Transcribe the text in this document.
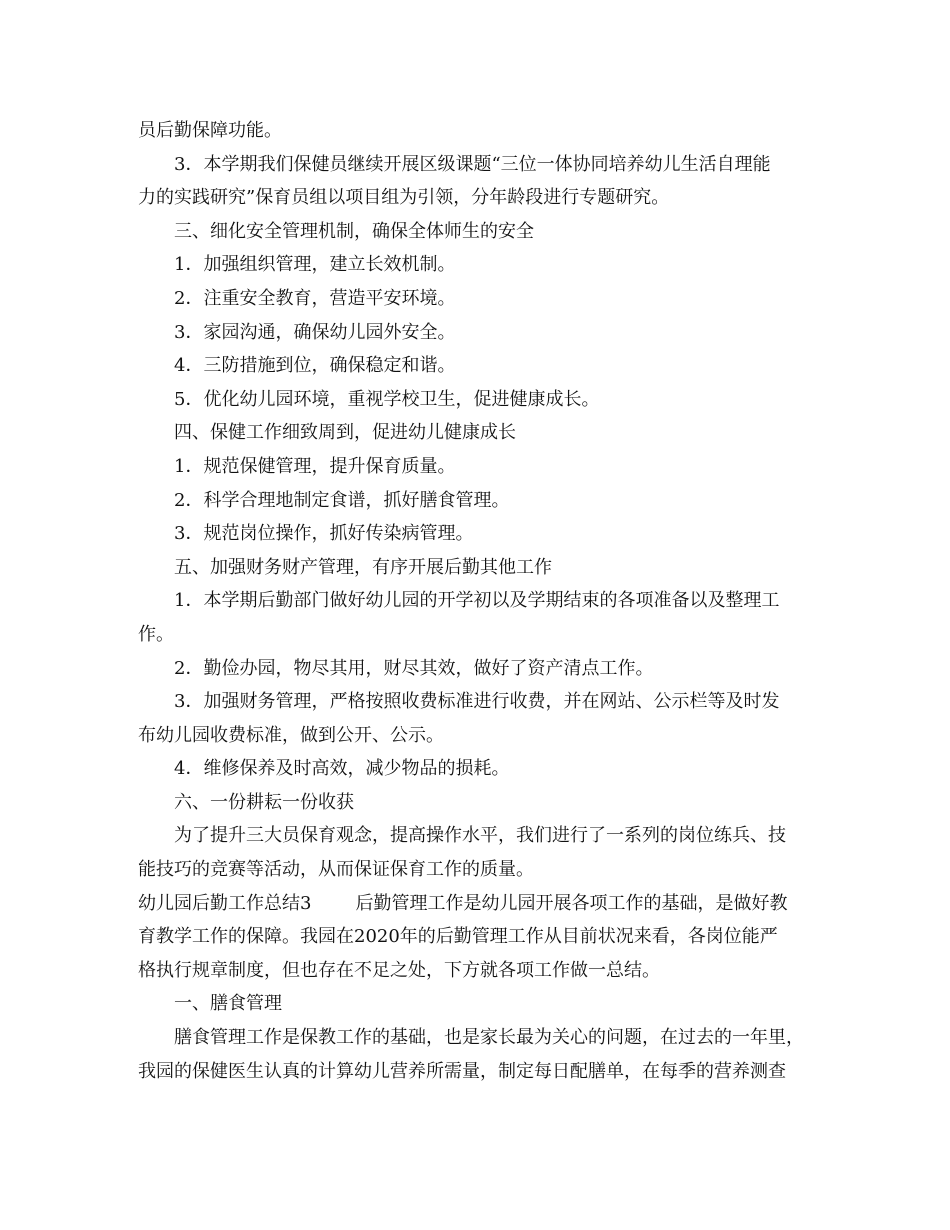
员后勤保障功能。
3．本学期我们保健员继续开展区级课题“三位一体协同培养幼儿生活自理能
力的实践研究”保育员组以项目组为引领，分年龄段进行专题研究。
三、细化安全管理机制，确保全体师生的安全
1．加强组织管理，建立长效机制。
2．注重安全教育，营造平安环境。
3．家园沟通，确保幼儿园外安全。
4．三防措施到位，确保稳定和谐。
5．优化幼儿园环境，重视学校卫生，促进健康成长。
四、保健工作细致周到，促进幼儿健康成长
1．规范保健管理，提升保育质量。
2．科学合理地制定食谱，抓好膳食管理。
3．规范岗位操作，抓好传染病管理。
五、加强财务财产管理，有序开展后勤其他工作
1．本学期后勤部门做好幼儿园的开学初以及学期结束的各项准备以及整理工
作。
2．勤俭办园，物尽其用，财尽其效，做好了资产清点工作。
3．加强财务管理，严格按照收费标准进行收费，并在网站、公示栏等及时发
布幼儿园收费标准，做到公开、公示。
4．维修保养及时高效，减少物品的损耗。
六、一份耕耘一份收获
为了提升三大员保育观念，提高操作水平，我们进行了一系列的岗位练兵、技
能技巧的竞赛等活动，从而保证保育工作的质量。
幼儿园后勤工作总结3 后勤管理工作是幼儿园开展各项工作的基础，是做好教
育教学工作的保障。我园在2020年的后勤管理工作从目前状况来看，各岗位能严
格执行规章制度，但也存在不足之处，下方就各项工作做一总结。
一、膳食管理
膳食管理工作是保教工作的基础，也是家长最为关心的问题，在过去的一年里，
我园的保健医生认真的计算幼儿营养所需量，制定每日配膳单，在每季的营养测查
